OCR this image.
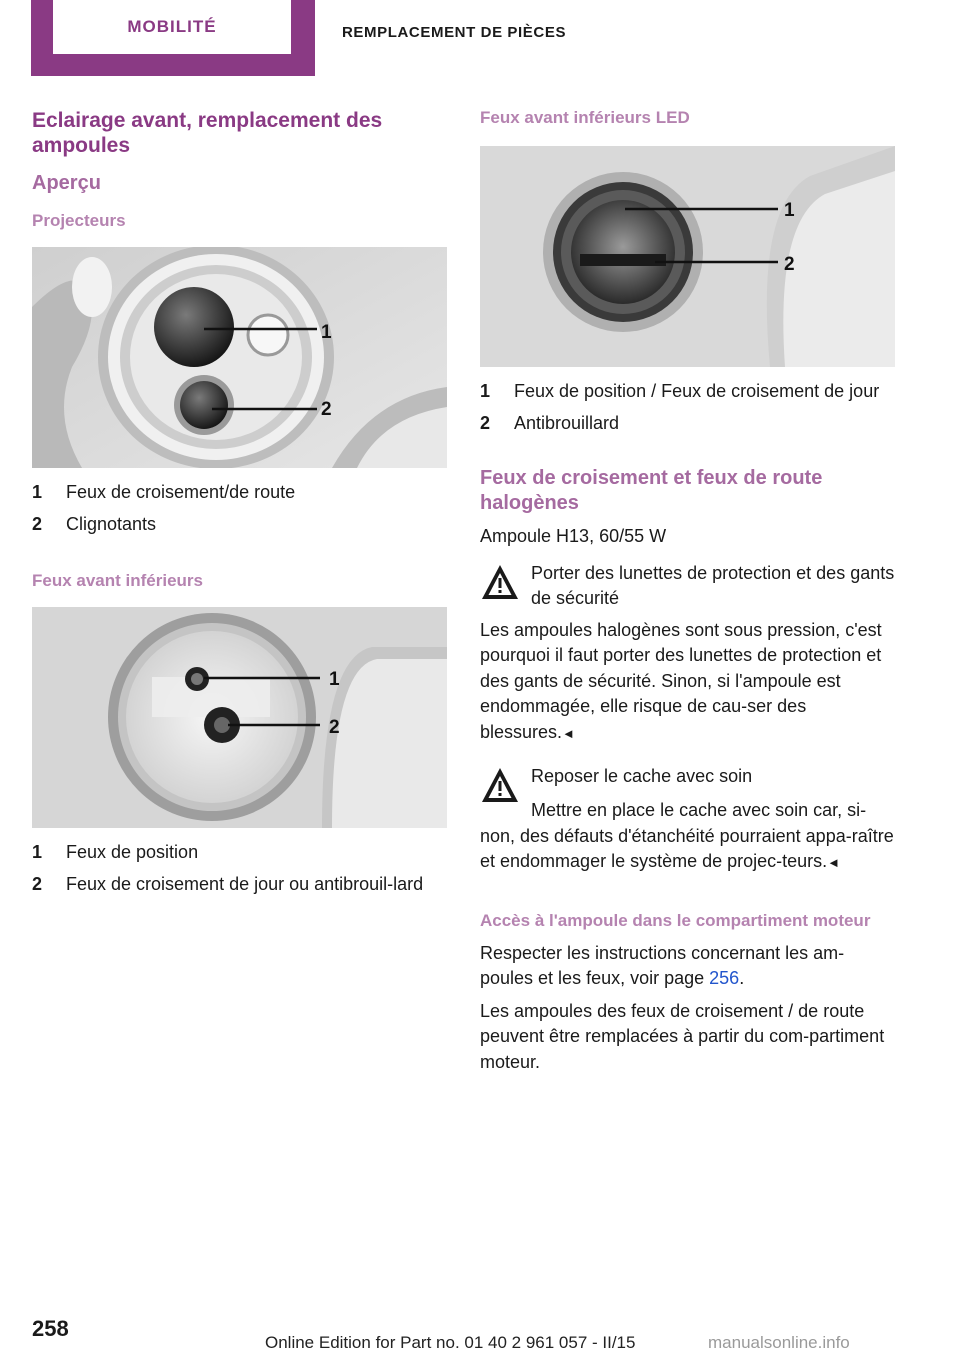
MOBILITÉ	REMPLACEMENT DE PIÈCES
Eclairage avant, remplacement des ampoules
Aperçu
Projecteurs
1
2
1	Feux de croisement/de route
2	Clignotants
Feux avant inférieurs
1
2
1	Feux de position
2	Feux de croisement de jour ou antibrouil‐lard
Feux avant inférieurs LED
1
2
1	Feux de position / Feux de croisement de jour
2	Antibrouillard
Feux de croisement et feux de route halogènes

Ampoule H13, 60/55 W

Porter des lunettes de protection et des gants de sécurité

Les ampoules halogènes sont sous pression, c'est pourquoi il faut porter des lunettes de protection et des gants de sécurité. Sinon, si l'ampoule est endommagée, elle risque de cau‐ser des blessures.◄

Reposer le cache avec soin

Mettre en place le cache avec soin car, si‐non, des défauts d'étanchéité pourraient appa‐raître et endommager le système de projec‐teurs.◄

Accès à l'ampoule dans le compartiment moteur

Respecter les instructions concernant les am‐poules et les feux, voir page 256.

Les ampoules des feux de croisement / de route peuvent être remplacées à partir du com‐partiment moteur.

258
Online Edition for Part no. 01 40 2 961 057 - II/15	manualsonline.info
